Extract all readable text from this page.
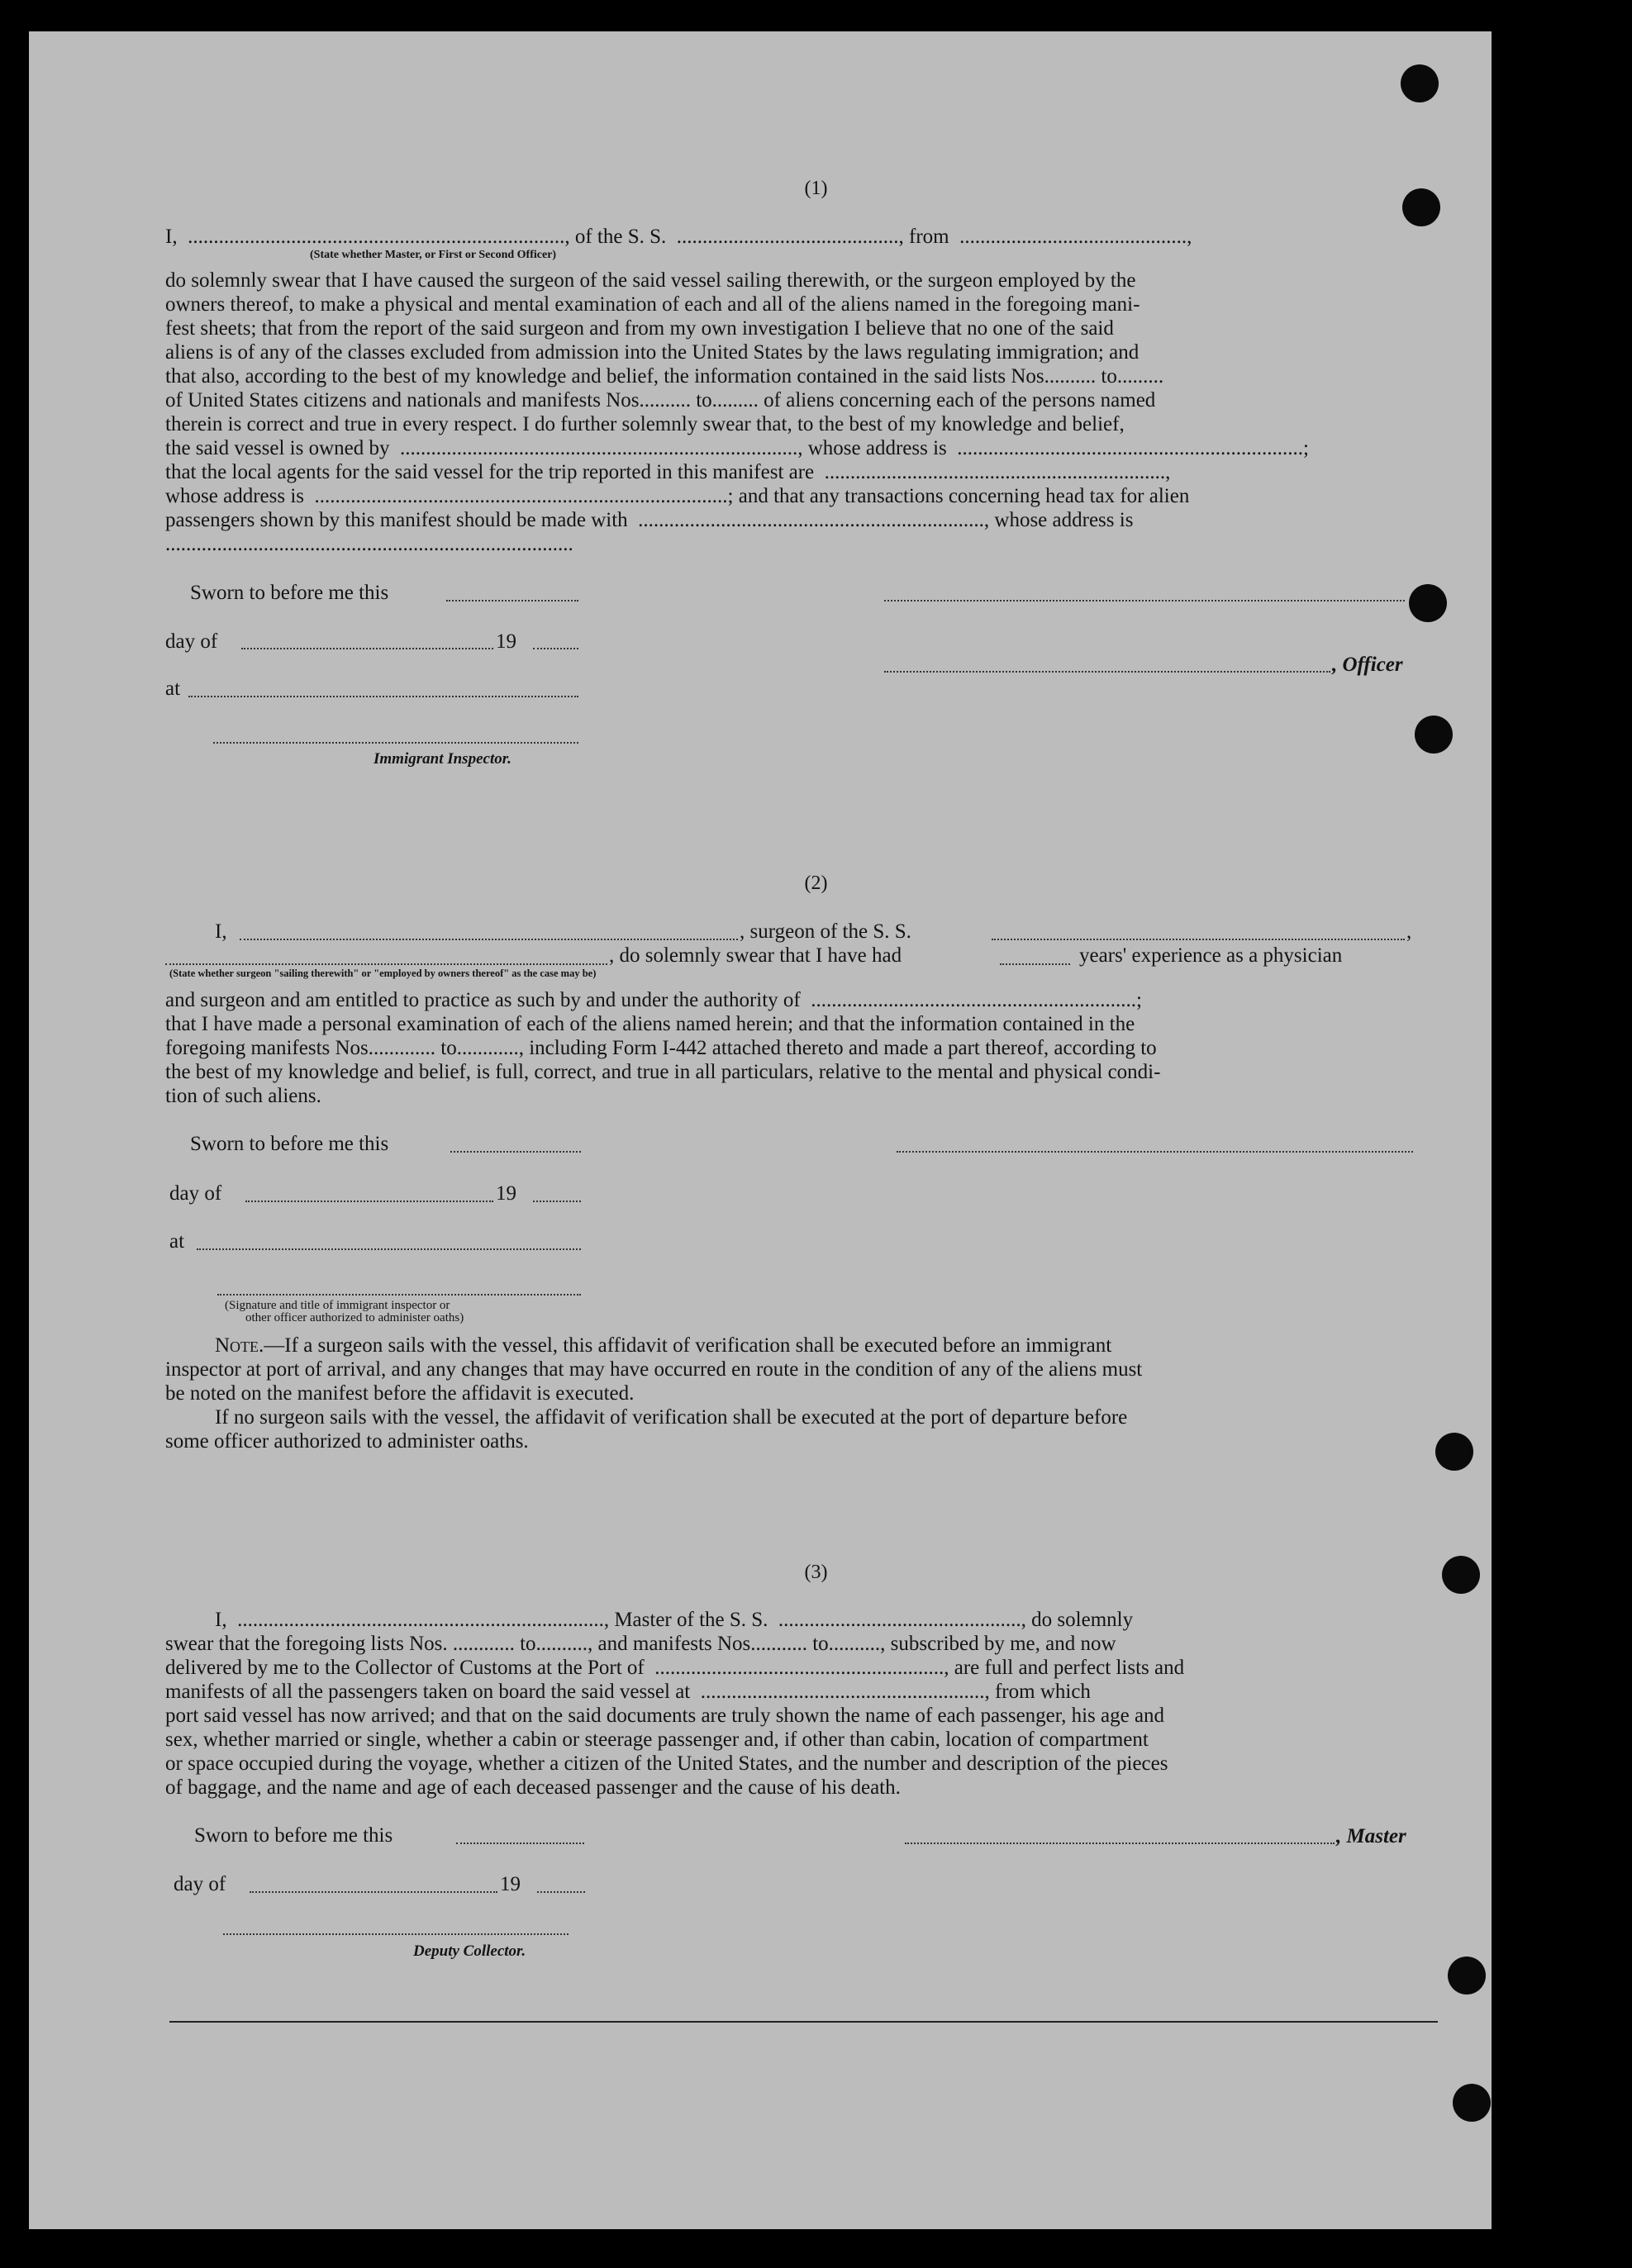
(1)
I,  ........................................................................., of the S. S.  ..........................................., from  ............................................,
(State whether Master, or First or Second Officer)
do solemnly swear that I have caused the surgeon of the said vessel sailing therewith, or the surgeon employed by the
owners thereof, to make a physical and mental examination of each and all of the aliens named in the foregoing mani-
fest sheets; that from the report of the said surgeon and from my own investigation I believe that no one of the said
aliens is of any of the classes excluded from admission into the United States by the laws regulating immigration; and
that also, according to the best of my knowledge and belief, the information contained in the said lists Nos.......... to.........
of United States citizens and nationals and manifests Nos.......... to......... of aliens concerning each of the persons named
therein is correct and true in every respect. I do further solemnly swear that, to the best of my knowledge and belief,
the said vessel is owned by  ............................................................................., whose address is  ...................................................................;
that the local agents for the said vessel for the trip reported in this manifest are  ..................................................................,
whose address is  ................................................................................; and that any transactions concerning head tax for alien
passengers shown by this manifest should be made with  ..................................................................., whose address is
...............................................................................
Sworn to before me this
day of	19
, Officer
at
Immigrant Inspector.
(2)
I,	, surgeon of the S. S.	,
, do solemnly swear that I have had	years' experience as a physician
(State whether surgeon "sailing therewith" or "employed by owners thereof" as the case may be)
and surgeon and am entitled to practice as such by and under the authority of  ...............................................................;
that I have made a personal examination of each of the aliens named herein; and that the information contained in the
foregoing manifests Nos............. to............, including Form I-442 attached thereto and made a part thereof, according to
the best of my knowledge and belief, is full, correct, and true in all particulars, relative to the mental and physical condi-
tion of such aliens.
Sworn to before me this
day of	19
at
(Signature and title of immigrant inspector or
other officer authorized to administer oaths)
Note.—If a surgeon sails with the vessel, this affidavit of verification shall be executed before an immigrant
inspector at port of arrival, and any changes that may have occurred en route in the condition of any of the aliens must
be noted on the manifest before the affidavit is executed.
If no surgeon sails with the vessel, the affidavit of verification shall be executed at the port of departure before
some officer authorized to administer oaths.
(3)
I,  ......................................................................., Master of the S. S.  ..............................................., do solemnly
swear that the foregoing lists Nos. ............ to.........., and manifests Nos........... to.........., subscribed by me, and now
delivered by me to the Collector of Customs at the Port of  ........................................................, are full and perfect lists and
manifests of all the passengers taken on board the said vessel at  ......................................................., from which
port said vessel has now arrived; and that on the said documents are truly shown the name of each passenger, his age and
sex, whether married or single, whether a cabin or steerage passenger and, if other than cabin, location of compartment
or space occupied during the voyage, whether a citizen of the United States, and the number and description of the pieces
of baggage, and the name and age of each deceased passenger and the cause of his death.
Sworn to before me this	, Master
day of	19
Deputy Collector.
